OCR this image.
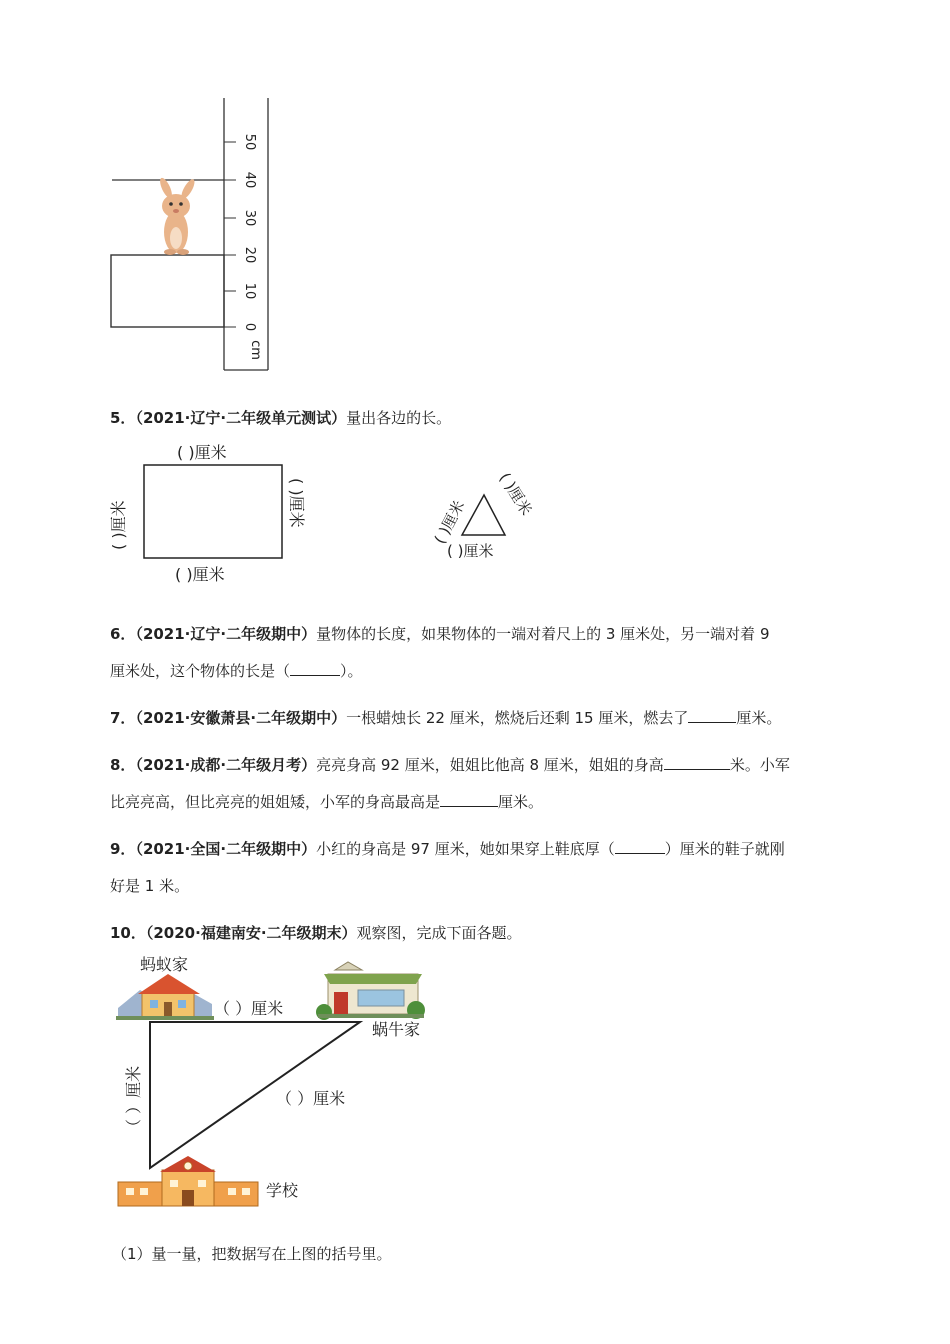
0
10
20
30
40
50
cm
5．（2021·辽宁·二年级单元测试）量出各边的长。
( )厘米
( )厘米
( )厘米	( )厘米	( )厘米
( )厘米
( )厘米
6．（2021·辽宁·二年级期中）量物体的长度，如果物体的一端对着尺上的 3 厘米处，另一端对着 9
厘米处，这个物体的长是（	）。
7．（2021·安徽萧县·二年级期中）一根蜡烛长 22 厘米，燃烧后还剩 15 厘米，燃去了	厘米。
8．（2021·成都·二年级月考）亮亮身高 92 厘米，姐姐比他高 8 厘米，姐姐的身高	米。小军
比亮亮高，但比亮亮的姐姐矮，小军的身高最高是	厘米。
9．（2021·全国·二年级期中）小红的身高是 97 厘米，她如果穿上鞋底厚（	）厘米的鞋子就刚
好是 1 米。
10．（2020·福建南安·二年级期末）观察图，完成下面各题。
蚂蚁家
蜗牛家
学校
（ ）厘米
（ ）厘米
（ ）厘米
（1）量一量，把数据写在上图的括号里。
